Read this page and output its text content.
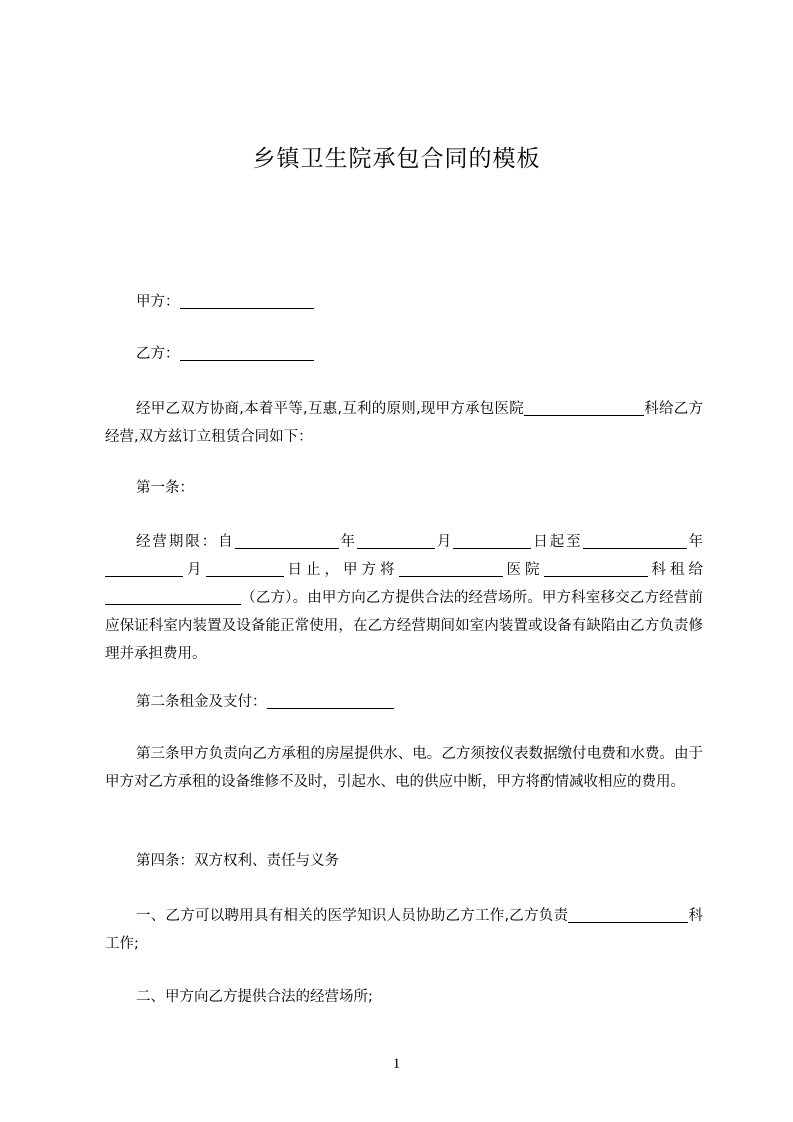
乡镇卫生院承包合同的模板

甲方：

乙方：

经甲乙双方协商,本着平等,互惠,互利的原则,现甲方承包医院	科给乙方经营,双方兹订立租赁合同如下：

第一条：

经营期限：自	年	月	日起至	年月	日止，甲方将	医院	科租给（乙方）。由甲方向乙方提供合法的经营场所。甲方科室移交乙方经营前应保证科室内装置及设备能正常使用，在乙方经营期间如室内装置或设备有缺陷由乙方负责修理并承担费用。

第二条租金及支付：

第三条甲方负责向乙方承租的房屋提供水、电。乙方须按仪表数据缴付电费和水费。由于甲方对乙方承租的设备维修不及时，引起水、电的供应中断，甲方将酌情减收相应的费用。

第四条：双方权利、责任与义务

一、乙方可以聘用具有相关的医学知识人员协助乙方工作,乙方负责	科工作;

二、甲方向乙方提供合法的经营场所;

1
